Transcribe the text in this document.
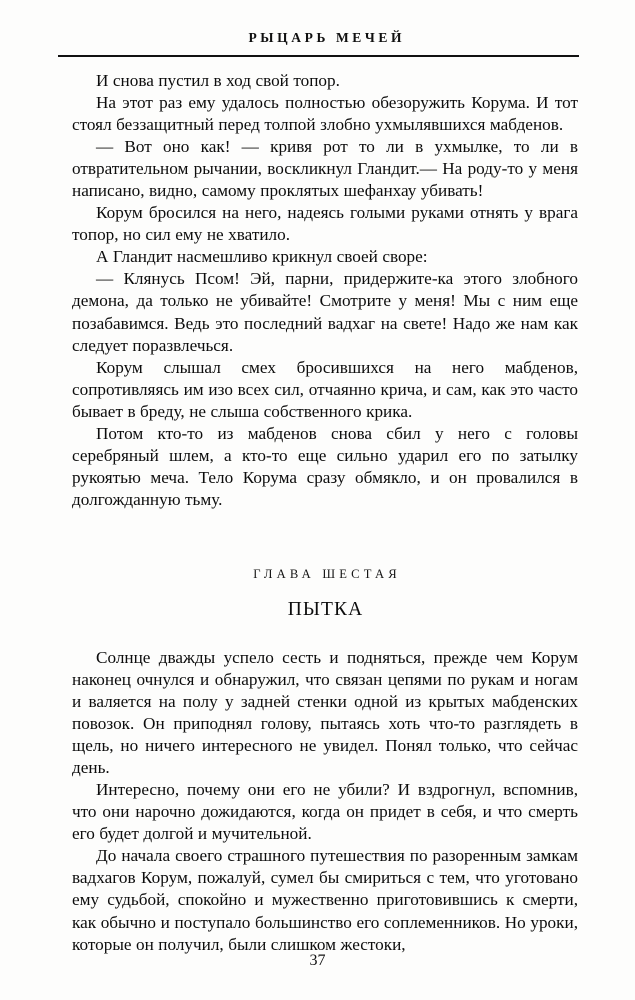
РЫЦАРЬ МЕЧЕЙ

И снова пустил в ход свой топор.

На этот раз ему удалось полностью обезоружить Корума. И тот стоял беззащитный перед толпой злобно ухмылявшихся мабденов.

— Вот оно как! — кривя рот то ли в ухмылке, то ли в отвратительном рычании, воскликнул Гландит.— На роду-то у меня написано, видно, самому проклятых шефанхау убивать!

Корум бросился на него, надеясь голыми руками отнять у врага топор, но сил ему не хватило.

А Гландит насмешливо крикнул своей своре:

— Клянусь Псом! Эй, парни, придержите-ка этого злобного демона, да только не убивайте! Смотрите у меня! Мы с ним еще позабавимся. Ведь это последний вадхаг на свете! Надо же нам как следует поразвлечься.

Корум слышал смех бросившихся на него мабденов, сопротивляясь им изо всех сил, отчаянно крича, и сам, как это часто бывает в бреду, не слыша собственного крика.

Потом кто-то из мабденов снова сбил у него с головы серебряный шлем, а кто-то еще сильно ударил его по затылку рукоятью меча. Тело Корума сразу обмякло, и он провалился в долгожданную тьму.

ГЛАВА ШЕСТАЯ
ПЫТКА

Солнце дважды успело сесть и подняться, прежде чем Корум наконец очнулся и обнаружил, что связан цепями по рукам и ногам и валяется на полу у задней стенки одной из крытых мабденских повозок. Он приподнял голову, пытаясь хоть что-то разглядеть в щель, но ничего интересного не увидел. Понял только, что сейчас день.

Интересно, почему они его не убили? И вздрогнул, вспомнив, что они нарочно дожидаются, когда он придет в себя, и что смерть его будет долгой и мучительной.

До начала своего страшного путешествия по разоренным замкам вадхагов Корум, пожалуй, сумел бы смириться с тем, что уготовано ему судьбой, спокойно и мужественно приготовившись к смерти, как обычно и поступало большинство его соплеменников. Но уроки, которые он получил, были слишком жестоки,

37
